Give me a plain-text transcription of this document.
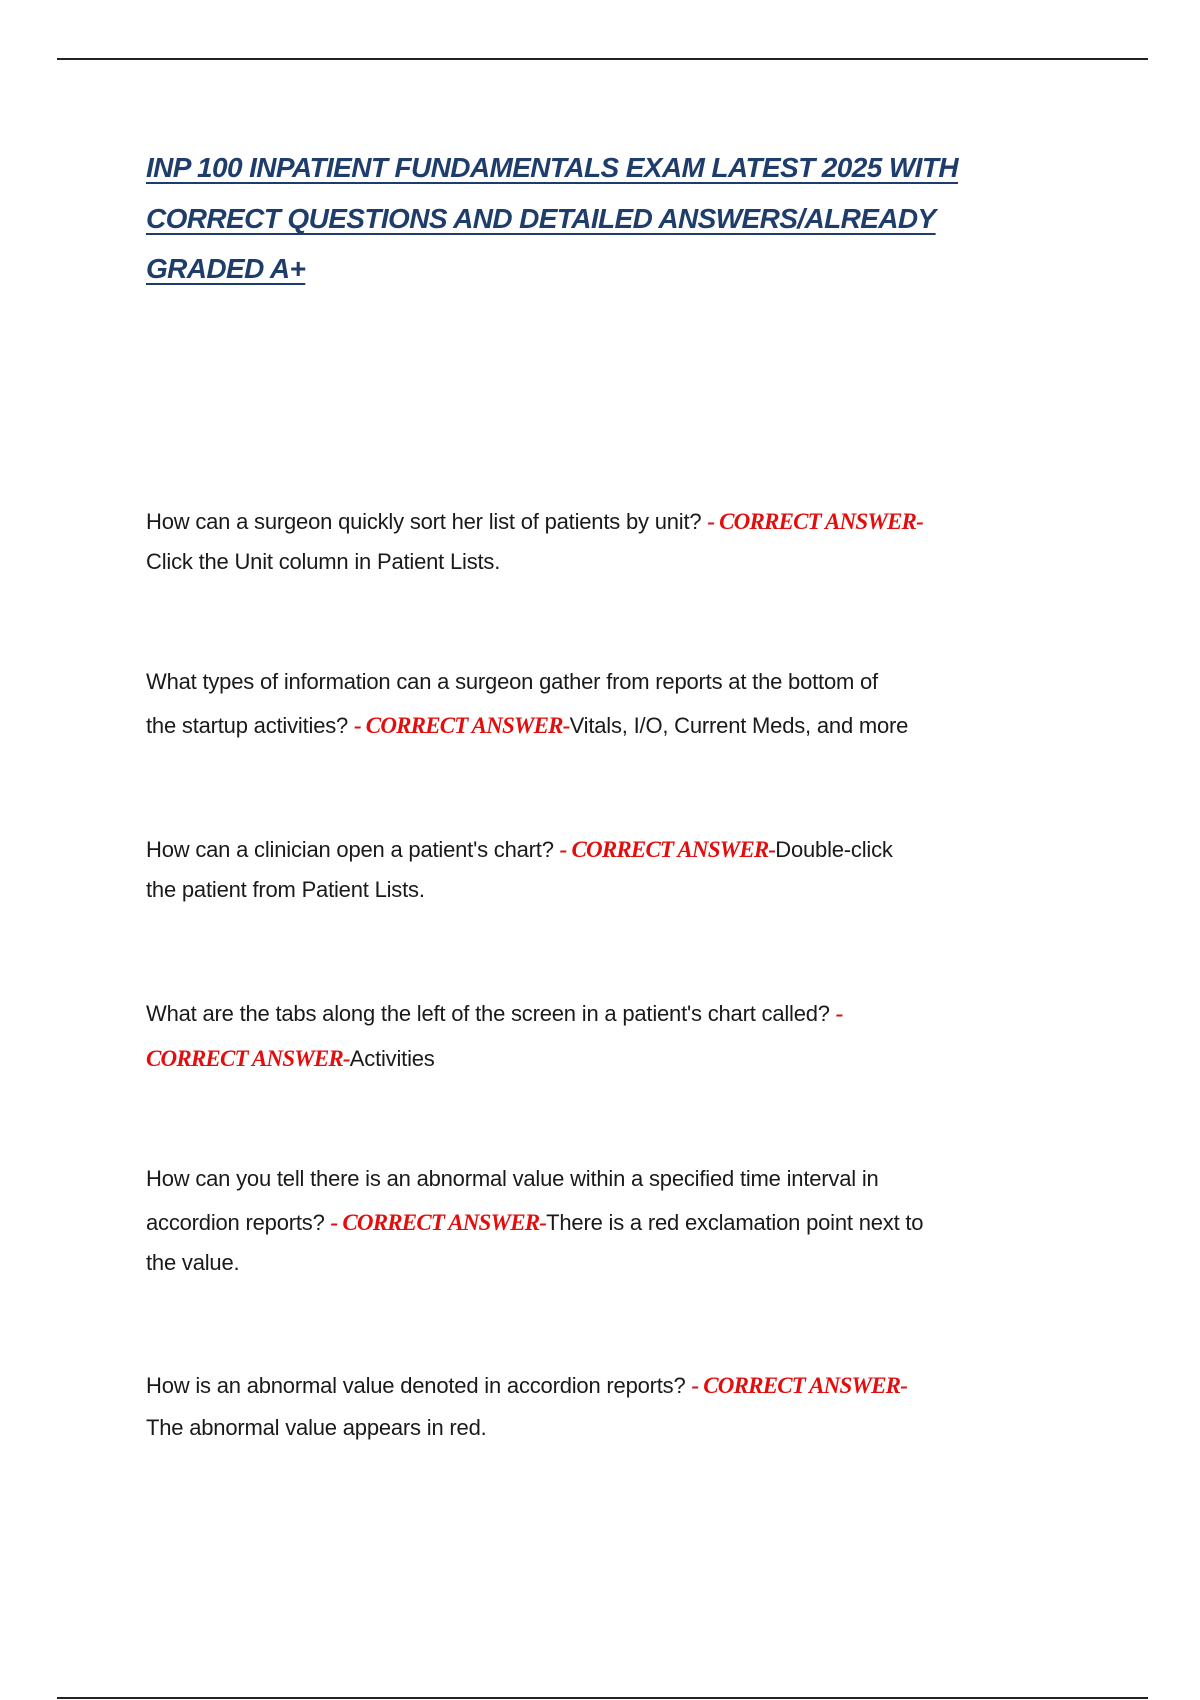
INP 100 INPATIENT FUNDAMENTALS EXAM LATEST 2025 WITH
CORRECT QUESTIONS AND DETAILED ANSWERS/ALREADY
GRADED A+
How can a surgeon quickly sort her list of patients by unit? - CORRECT ANSWER-
Click the Unit column in Patient Lists.
What types of information can a surgeon gather from reports at the bottom of
the startup activities? - CORRECT ANSWER-Vitals, I/O, Current Meds, and more
How can a clinician open a patient's chart? - CORRECT ANSWER-Double-click
the patient from Patient Lists.
What are the tabs along the left of the screen in a patient's chart called? -
CORRECT ANSWER-Activities
How can you tell there is an abnormal value within a specified time interval in
accordion reports? - CORRECT ANSWER-There is a red exclamation point next to
the value.
How is an abnormal value denoted in accordion reports? - CORRECT ANSWER-
The abnormal value appears in red.
